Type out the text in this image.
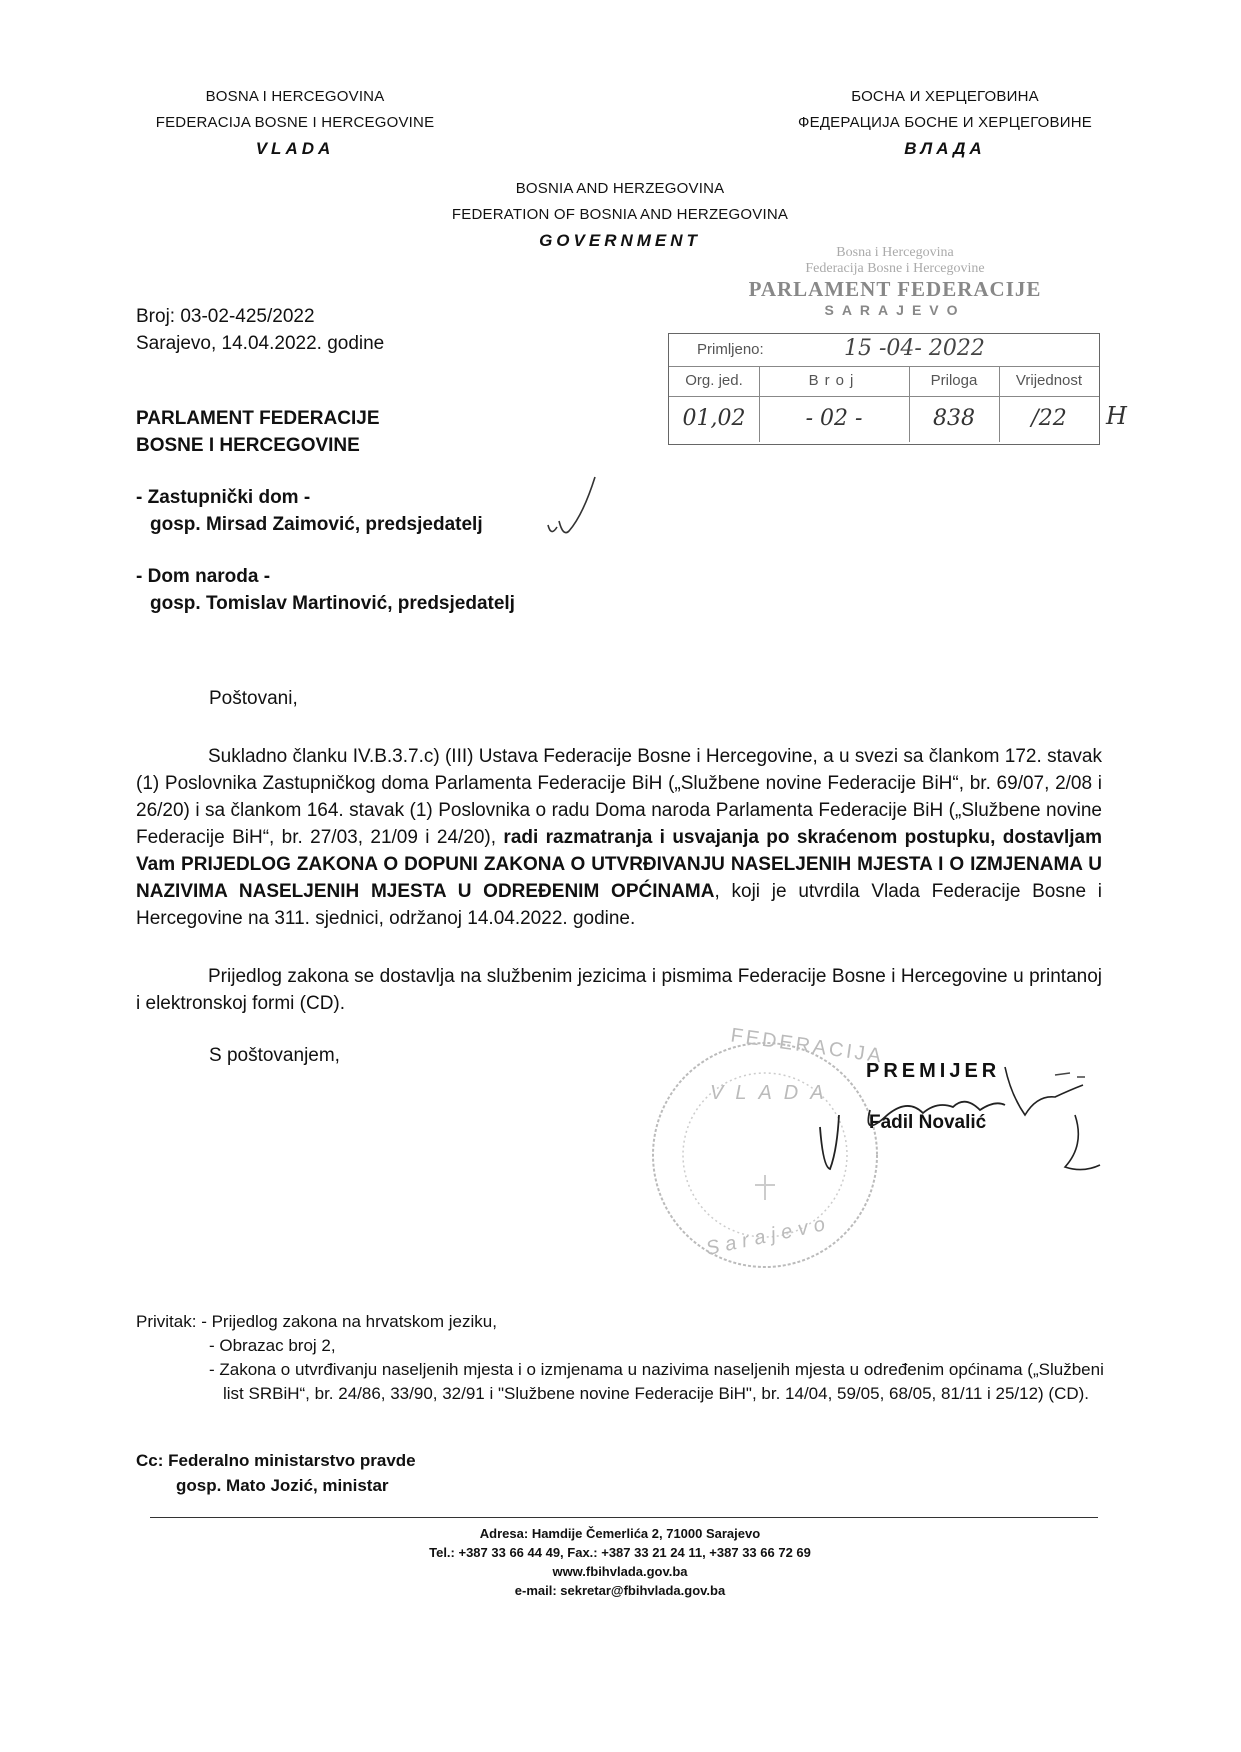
BOSNA I HERCEGOVINA
FEDERACIJA BOSNE I HERCEGOVINE
VLADA
БОСНА И ХЕРЦЕГОВИНА
ФЕДЕРАЦИЈА БОСНЕ И ХЕРЦЕГОВИНЕ
ВЛАДА
BOSNIA AND HERZEGOVINA
FEDERATION OF BOSNIA AND HERZEGOVINA
GOVERNMENT
Broj: 03-02-425/2022
Sarajevo, 14.04.2022. godine
Bosna i Hercegovina
Federacija Bosne i Hercegovine
PARLAMENT FEDERACIJE
SARAJEVO
Primljeno:	15 -04- 2022
Org. jed.	Broj	Priloga	Vrijednost
01,02	- 02 -	838	/22	H
PARLAMENT FEDERACIJE
BOSNE I HERCEGOVINE
- Zastupnički dom -
gosp. Mirsad Zaimović, predsjedatelj
- Dom naroda -
gosp. Tomislav Martinović, predsjedatelj
Poštovani,
Sukladno članku IV.B.3.7.c) (III) Ustava Federacije Bosne i Hercegovine, a u svezi sa člankom 172. stavak (1) Poslovnika Zastupničkog doma Parlamenta Federacije BiH („Službene novine Federacije BiH“, br. 69/07, 2/08 i 26/20) i sa člankom 164. stavak (1) Poslovnika o radu Doma naroda Parlamenta Federacije BiH („Službene novine Federacije BiH“, br. 27/03, 21/09 i 24/20), radi razmatranja i usvajanja po skraćenom postupku, dostavljam Vam PRIJEDLOG ZAKONA O DOPUNI ZAKONA O UTVRĐIVANJU NASELJENIH MJESTA I O IZMJENAMA U NAZIVIMA NASELJENIH MJESTA U ODREĐENIM OPĆINAMA, koji je utvrdila Vlada Federacije Bosne i Hercegovine na 311. sjednici, održanoj 14.04.2022. godine.
Prijedlog zakona se dostavlja na službenim jezicima i pismima Federacije Bosne i Hercegovine u printanoj i elektronskoj formi (CD).
S poštovanjem,	FEDERACIJA
VLADA
Sarajevo
PREMIJER
Fadil Novalić
Privitak: - Prijedlog zakona na hrvatskom jeziku,
- Obrazac broj 2,
- Zakona o utvrđivanju naseljenih mjesta i o izmjenama u nazivima naseljenih mjesta u određenim općinama („Službeni list SRBiH“, br. 24/86, 33/90, 32/91 i "Službene novine Federacije BiH", br. 14/04, 59/05, 68/05, 81/11 i 25/12) (CD).
Cc: Federalno ministarstvo pravde
gosp. Mato Jozić, ministar
Adresa: Hamdije Čemerlića 2, 71000 Sarajevo
Tel.: +387 33 66 44 49, Fax.: +387 33 21 24 11, +387 33 66 72 69
www.fbihvlada.gov.ba
e-mail: sekretar@fbihvlada.gov.ba
